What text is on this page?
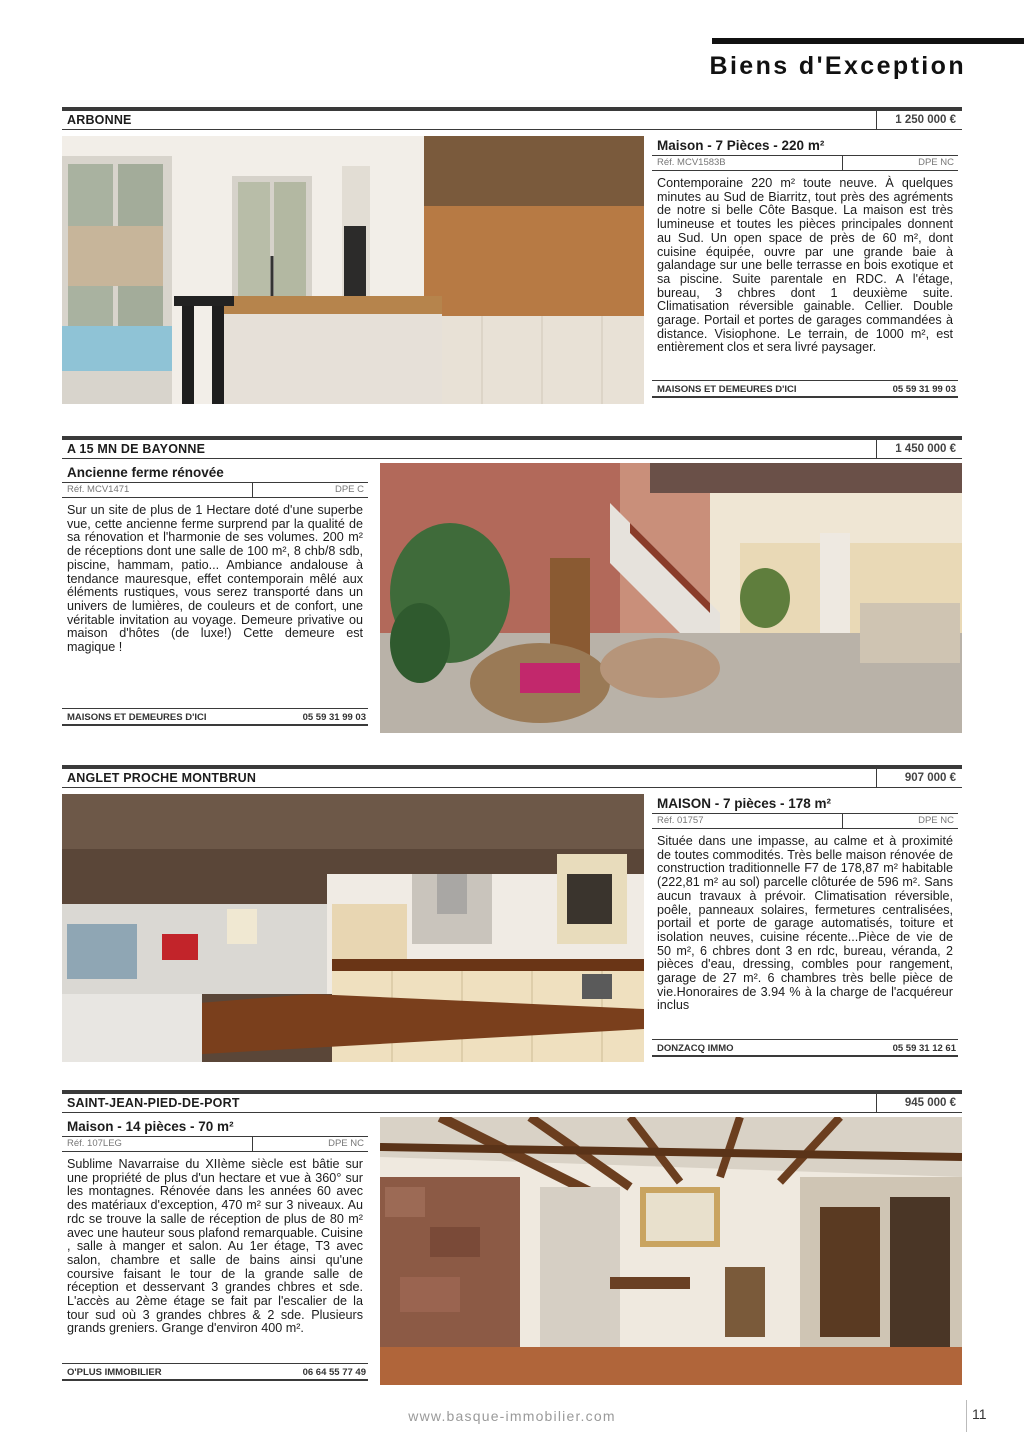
Biens d'Exception
ARBONNE	1 250 000 €
Maison - 7 Pièces - 220 m²
Réf. MCV1583B	DPE NC
Contemporaine 220 m² toute neuve. À quelques minutes au Sud de Biarritz, tout près des agréments de notre si belle Côte Basque. La maison est très lumineuse et toutes les pièces principales donnent au Sud. Un open space de près de 60 m², dont cuisine équipée, ouvre par une grande baie à galandage sur une belle terrasse en bois exotique et sa piscine. Suite parentale en RDC. A l'étage, bureau, 3 chbres dont 1 deuxième suite. Climatisation réversible gainable. Cellier. Double garage. Portail et portes de garages commandées à distance. Visiophone. Le terrain, de 1000 m², est entièrement clos et sera livré paysager.
MAISONS ET DEMEURES D'ICI	05 59 31 99 03
A 15 MN DE BAYONNE	1 450 000 €
Ancienne ferme rénovée
Réf. MCV1471	DPE C
Sur un site de plus de 1 Hectare doté d'une superbe vue, cette ancienne ferme surprend par la qualité de sa rénovation et l'harmonie de ses volumes. 200 m² de réceptions dont une salle de 100 m², 8 chb/8 sdb, piscine, hammam, patio... Ambiance andalouse à tendance mauresque, effet contemporain mêlé aux éléments rustiques, vous serez transporté dans un univers de lumières, de couleurs et de confort, une véritable invitation au voyage. Demeure privative ou maison d'hôtes (de luxe!) Cette demeure est magique !
MAISONS ET DEMEURES D'ICI	05 59 31 99 03
ANGLET PROCHE MONTBRUN	907 000 €
MAISON - 7 pièces - 178 m²
Réf. 01757	DPE NC
Située dans une impasse, au calme et à proximité de toutes commodités. Très belle maison rénovée de construction traditionnelle F7 de 178,87 m² habitable (222,81 m² au sol) parcelle clôturée de 596 m². Sans aucun travaux à prévoir. Climatisation réversible, poêle, panneaux solaires, fermetures centralisées, portail et porte de garage automatisés, toiture et isolation neuves, cuisine récente...Pièce de vie de 50 m², 6 chbres dont 3 en rdc, bureau, véranda, 2 pièces d'eau, dressing, combles pour rangement, garage de 27 m². 6 chambres très belle pièce de vie.Honoraires de 3.94 % à la charge de l'acquéreur inclus
DONZACQ IMMO	05 59 31 12 61
SAINT-JEAN-PIED-DE-PORT	945 000 €
Maison - 14 pièces - 70 m²
Réf. 107LEG	DPE NC
Sublime Navarraise du XIIème siècle est bâtie sur une propriété de plus d'un hectare et vue à 360° sur les montagnes. Rénovée dans les années 60 avec des matériaux d'exception, 470 m² sur 3 niveaux. Au rdc se trouve la salle de réception de plus de 80 m² avec une hauteur sous plafond remarquable. Cuisine , salle à manger et salon. Au 1er étage, T3 avec salon, chambre et salle de bains ainsi qu'une coursive faisant le tour de la grande salle de réception et desservant 3 grandes chbres et sde. L'accès au 2ème étage se fait par l'escalier de la tour sud où 3 grandes chbres & 2 sde. Plusieurs grands greniers. Grange d'environ 400 m².
O'PLUS IMMOBILIER	06 64 55 77 49
www.basque-immobilier.com	11
